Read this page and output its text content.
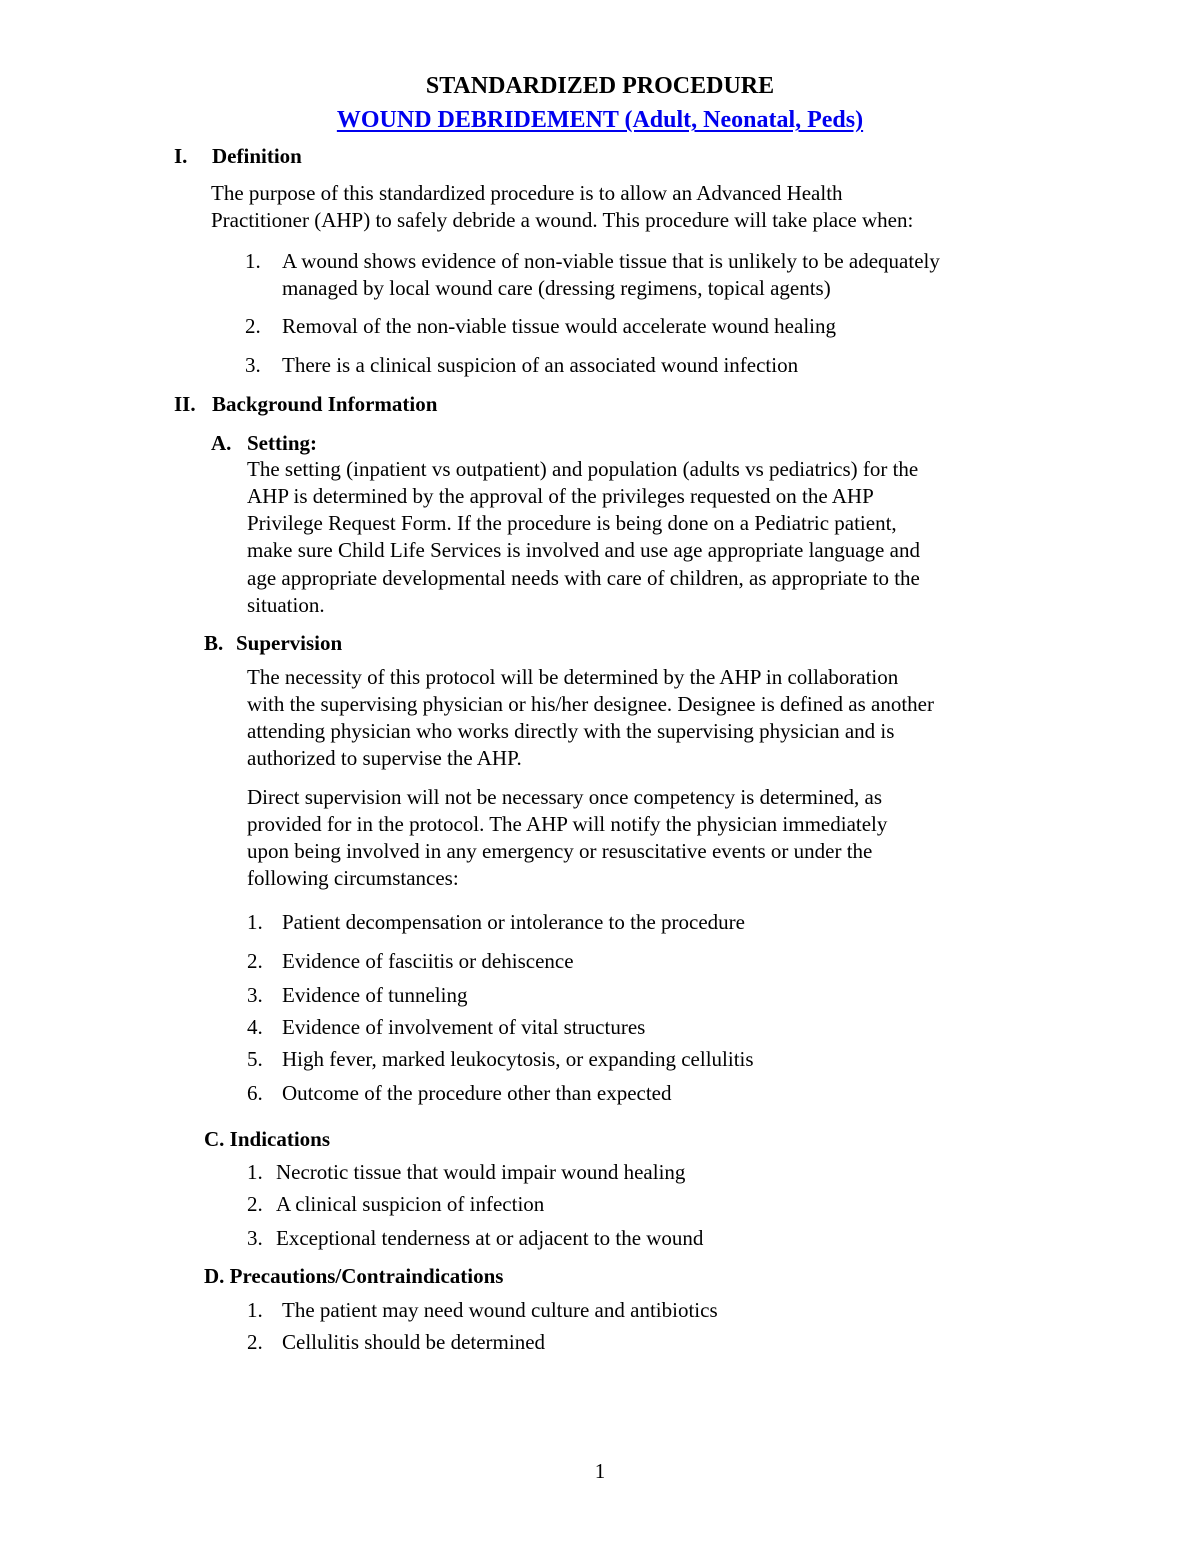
STANDARDIZED PROCEDURE
WOUND DEBRIDEMENT (Adult, Neonatal, Peds)
I. Definition
The purpose of this standardized procedure is to allow an Advanced Health
Practitioner (AHP) to safely debride a wound. This procedure will take place when:
1. A wound shows evidence of non-viable tissue that is unlikely to be adequately
managed by local wound care (dressing regimens, topical agents)
2. Removal of the non-viable tissue would accelerate wound healing
3. There is a clinical suspicion of an associated wound infection
II. Background Information
A. Setting:
The setting (inpatient vs outpatient) and population (adults vs pediatrics) for the
AHP is determined by the approval of the privileges requested on the AHP
Privilege Request Form. If the procedure is being done on a Pediatric patient,
make sure Child Life Services is involved and use age appropriate language and
age appropriate developmental needs with care of children, as appropriate to the
situation.
B. Supervision
The necessity of this protocol will be determined by the AHP in collaboration
with the supervising physician or his/her designee. Designee is defined as another
attending physician who works directly with the supervising physician and is
authorized to supervise the AHP.
Direct supervision will not be necessary once competency is determined, as
provided for in the protocol. The AHP will notify the physician immediately
upon being involved in any emergency or resuscitative events or under the
following circumstances:
1. Patient decompensation or intolerance to the procedure
2. Evidence of fasciitis or dehiscence
3. Evidence of tunneling
4. Evidence of involvement of vital structures
5. High fever, marked leukocytosis, or expanding cellulitis
6. Outcome of the procedure other than expected
C. Indications
1. Necrotic tissue that would impair wound healing
2. A clinical suspicion of infection
3. Exceptional tenderness at or adjacent to the wound
D. Precautions/Contraindications
1. The patient may need wound culture and antibiotics
2. Cellulitis should be determined
1
